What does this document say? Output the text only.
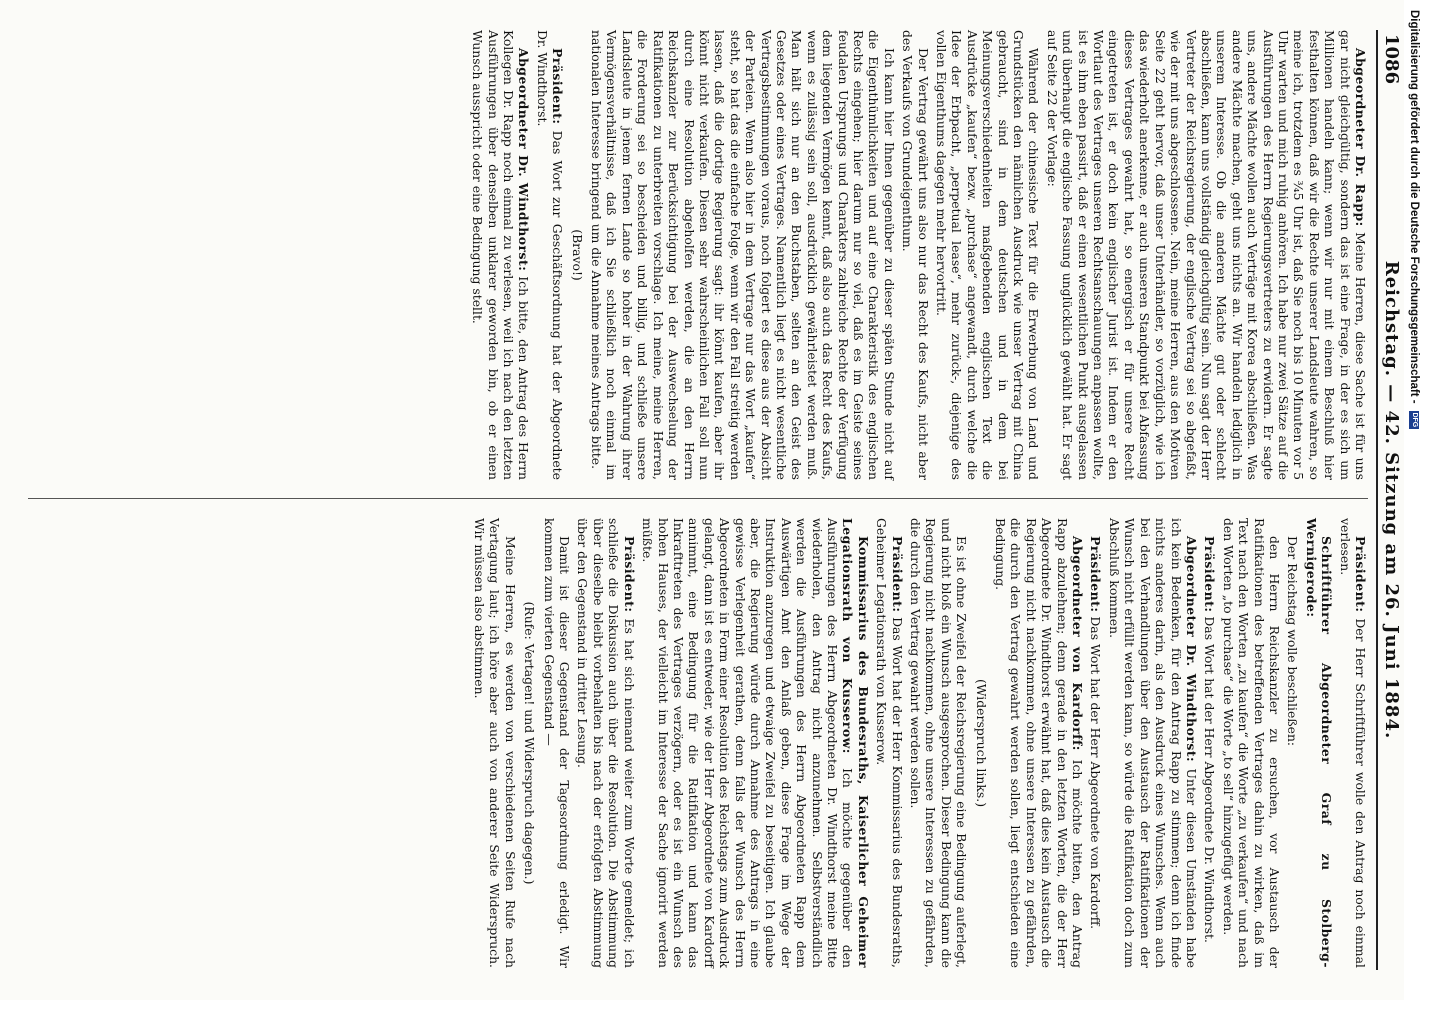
1086
Reichstag. — 42. Sitzung am 26. Juni 1884.

Abgeordneter Dr. Rapp: Meine Herren, diese Sache ist für uns gar nicht gleichgültig, sondern das ist eine Frage, in der es sich um Millionen handeln kann; wenn wir nur mit einem Beschluß hier festhalten können, daß wir die Rechte unserer Landsleute wahren, so meine ich, trotzdem es ¾5 Uhr ist, daß Sie noch bis 10 Minuten vor 5 Uhr warten und mich ruhig anhören. Ich habe nur zwei Sätze auf die Ausführungen des Herrn Regierungsvertreters zu erwidern. Er sagte uns, andere Mächte wollen auch Verträge mit Korea abschließen. Was andere Mächte machen, geht uns nichts an. Wir handeln lediglich in unserem Interesse. Ob die anderen Mächte gut oder schlecht abschließen, kann uns vollständig gleichgültig sein. Nun sagt der Herr Vertreter der Reichsregierung, der englische Vertrag sei so abgefaßt, wie der mit uns abgeschlossene. Nein, meine Herren, aus den Motiven Seite 22 geht hervor, daß unser Unterhändler, so vorzüglich, wie ich das wiederholt anerkenne, er auch unseren Standpunkt bei Abfassung dieses Vertrages gewahrt hat, so energisch er für unsere Recht eingetreten ist, er doch kein englischer Jurist ist. Indem er den Wortlaut des Vertrages unseren Rechtsanschauungen anpassen wollte, ist es ihm eben passirt, daß er einen wesentlichen Punkt ausgelassen und überhaupt die englische Fassung unglücklich gewählt hat. Er sagt auf Seite 22 der Vorlage:

Während der chinesische Text für die Erwerbung von Land und Grundstücken den nämlichen Ausdruck wie unser Vertrag mit China gebraucht, sind in dem deutschen und in dem bei Meinungsverschiedenheiten maßgebenden englischen Text die Ausdrücke „kaufen“ bezw. „purchase“ angewandt, durch welche die Idee der Erbpacht, „perpetual lease“, mehr zurück-, diejenige des vollen Eigenthums dagegen mehr hervortritt.

Der Vertrag gewährt uns also nur das Recht des Kaufs, nicht aber des Verkaufs von Grundeigenthum.

Ich kann hier Ihnen gegenüber zu dieser späten Stunde nicht auf die Eigenthümlichkeiten und auf eine Charakteristik des englischen Rechts eingehen; hier darum nur so viel, daß es im Geiste seines feudalen Ursprungs und Charakters zahlreiche Rechte der Verfügung dem liegenden Vermögen kennt, daß also auch das Recht des Kaufs, wenn es zulässig sein soll, ausdrücklich gewährleistet werden muß. Man hält sich nur an den Buchstaben, selten an den Geist des Gesetzes oder eines Vertrages. Namentlich liegt es nicht wesentliche Vertragsbestimmungen voraus, noch folgert es diese aus der Absicht der Parteien. Wenn also hier in dem Vertrage nur das Wort „kaufen“ steht, so hat das die einfache Folge, wenn wir den Fall streitig werden lassen, daß die dortige Regierung sagt: ihr könnt kaufen, aber ihr könnt nicht verkaufen. Diesen sehr wahrscheinlichen Fall soll nun durch eine Resolution abgeholfen werden, die an den Herrn Reichskanzler zur Berücksichtigung bei der Auswechselung der Ratifikationen zu unterbreiten vorschlage. Ich meine, meine Herren, die Forderung sei so bescheiden und billig, und schließe unsere Landsleute in jenem fernen Lande so hoher in der Wahrung ihrer Vermögensverhältnisse, daß ich Sie schließlich noch einmal im nationalen Interesse bringend um die Annahme meines Antrags bitte.

(Bravo!)

Präsident: Das Wort zur Geschäftsordnung hat der Abgeordnete Dr. Windthorst.

Abgeordneter Dr. Windthorst: Ich bitte, den Antrag des Herrn Kollegen Dr. Rapp noch einmal zu verlesen, weil ich nach den letzten Ausführungen über denselben unklarer geworden bin, ob er einen Wunsch ausspricht oder eine Bedingung stellt.

Präsident: Der Herr Schriftführer wolle den Antrag noch einmal verlesen.

Schriftführer Abgeordneter Graf zu Stolberg-Wernigerode:

Der Reichstag wolle beschließen:

den Herrn Reichskanzler zu ersuchen, vor Austausch der Ratifikationen des betreffenden Vertrages dahin zu wirken, daß im Text nach den Worten „zu kaufen“ die Worte „zu verkaufen“ und nach den Worten „to purchase“ die Worte „to sell“ hinzugefügt werden.

Präsident: Das Wort hat der Herr Abgeordnete Dr. Windthorst.

Abgeordneter Dr. Windthorst: Unter diesen Umständen habe ich kein Bedenken, für den Antrag Rapp zu stimmen; denn ich finde nichts anderes darin, als den Ausdruck eines Wunsches. Wenn auch bei den Verhandlungen über den Austausch der Ratifikationen der Wunsch nicht erfüllt werden kann, so würde die Ratifikation doch zum Abschluß kommen.

Präsident: Das Wort hat der Herr Abgeordnete von Kardorff.

Abgeordneter von Kardorff: Ich möchte bitten, den Antrag Rapp abzulehnen; denn gerade in den letzten Worten, die der Herr Abgeordnete Dr. Windthorst erwähnt hat, daß dies kein Austausch die Regierung nicht nachkommen, ohne unsere Interessen zu gefährden, die durch den Vertrag gewahrt werden sollen, liegt entschieden eine Bedingung.

(Widerspruch links.)

Es ist ohne Zweifel der Reichsregierung eine Bedingung auferlegt, und nicht bloß ein Wunsch ausgesprochen. Dieser Bedingung kann die Regierung nicht nachkommen, ohne unsere Interessen zu gefährden, die durch den Vertrag gewahrt werden sollen.

Präsident: Das Wort hat der Herr Kommissarius des Bundesraths, Geheimer Legationsrath von Kusserow.

Kommissarius des Bundesraths, Kaiserlicher Geheimer Legationsrath von Kusserow: Ich möchte gegenüber den Ausführungen des Herrn Abgeordneten Dr. Windthorst meine Bitte wiederholen, den Antrag nicht anzunehmen. Selbstverständlich werden die Ausführungen des Herrn Abgeordneten Rapp dem Auswärtigen Amt den Anlaß geben, diese Frage im Wege der Instruktion anzuregen und etwaige Zweifel zu beseitigen. Ich glaube aber, die Regierung würde durch Annahme des Antrags in eine gewisse Verlegenheit gerathen, denn falls der Wunsch des Herrn Abgeordneten in Form einer Resolution des Reichstags zum Ausdruck gelangt, dann ist es entweder, wie der Herr Abgeordnete von Kardorff annimmt, eine Bedingung für die Ratifikation und kann das Inkrafttreten des Vertrages verzögern, oder es ist ein Wunsch des hohen Hauses, der vielleicht im Interesse der Sache ignorirt werden müßte.

Präsident: Es hat sich niemand weiter zum Worte gemeldet; ich schließe die Diskussion auch über die Resolution. Die Abstimmung über dieselbe bleibt vorbehalten bis nach der erfolgten Abstimmung über den Gegenstand in dritter Lesung.

Damit ist dieser Gegenstand der Tagesordnung erledigt. Wir kommen zum vierten Gegenstand —

(Rufe: Vertagen! und Widerspruch dagegen.)

Meine Herren, es werden von verschiedenen Seiten Rufe nach Vertagung laut; ich höre aber auch von anderer Seite Widerspruch. Wir müssen also abstimmen.

Digitalisierung gefördert durch die Deutsche Forschungsgemeinschaft - DFG
